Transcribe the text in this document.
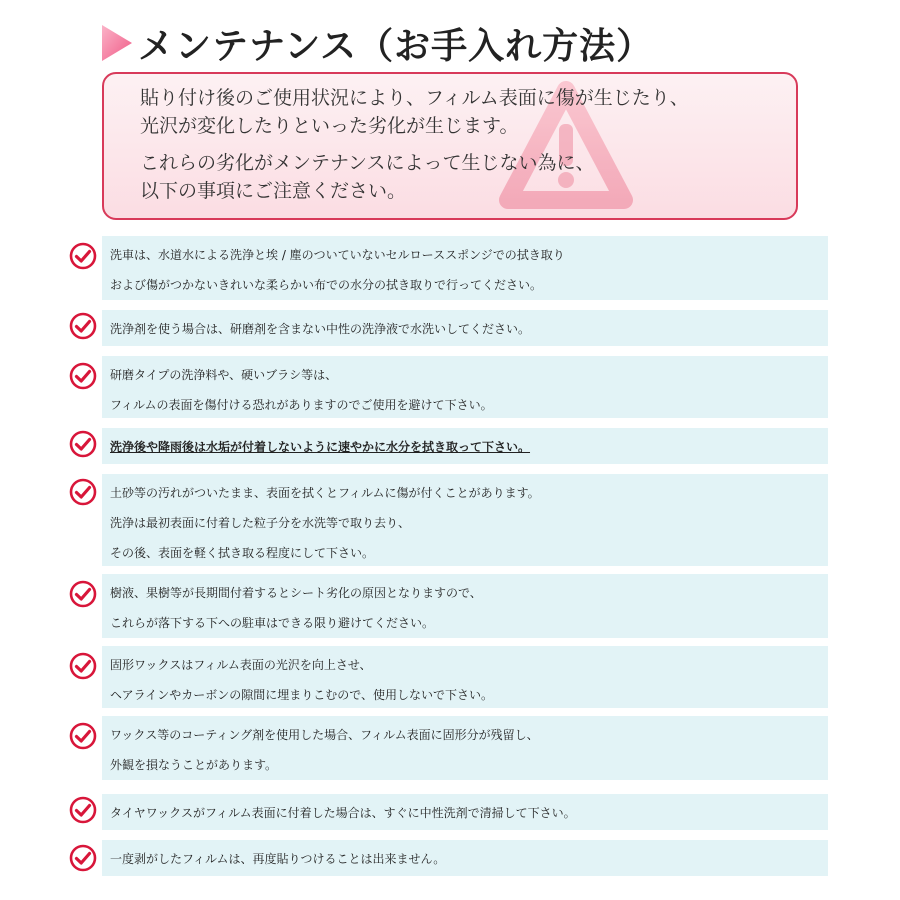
メンテナンス（お手入れ方法）

貼り付け後のご使用状況により、フィルム表面に傷が生じたり、
光沢が変化したりといった劣化が生じます。

これらの劣化がメンテナンスによって生じない為に、
以下の事項にご注意ください。

洗車は、水道水による洗浄と埃 / 塵のついていないセルローススポンジでの拭き取り
および傷がつかないきれいな柔らかい布での水分の拭き取りで行ってください。
洗浄剤を使う場合は、研磨剤を含まない中性の洗浄液で水洗いしてください。
研磨タイプの洗浄料や、硬いブラシ等は、
フィルムの表面を傷付ける恐れがありますのでご使用を避けて下さい。
洗浄後や降雨後は水垢が付着しないように速やかに水分を拭き取って下さい。
土砂等の汚れがついたまま、表面を拭くとフィルムに傷が付くことがあります。
洗浄は最初表面に付着した粒子分を水洗等で取り去り、
その後、表面を軽く拭き取る程度にして下さい。
樹液、果樹等が長期間付着するとシート劣化の原因となりますので、
これらが落下する下への駐車はできる限り避けてください。
固形ワックスはフィルム表面の光沢を向上させ、
ヘアラインやカーボンの隙間に埋まりこむので、使用しないで下さい。
ワックス等のコーティング剤を使用した場合、フィルム表面に固形分が残留し、
外観を損なうことがあります。
タイヤワックスがフィルム表面に付着した場合は、すぐに中性洗剤で清掃して下さい。
一度剥がしたフィルムは、再度貼りつけることは出来ません。
